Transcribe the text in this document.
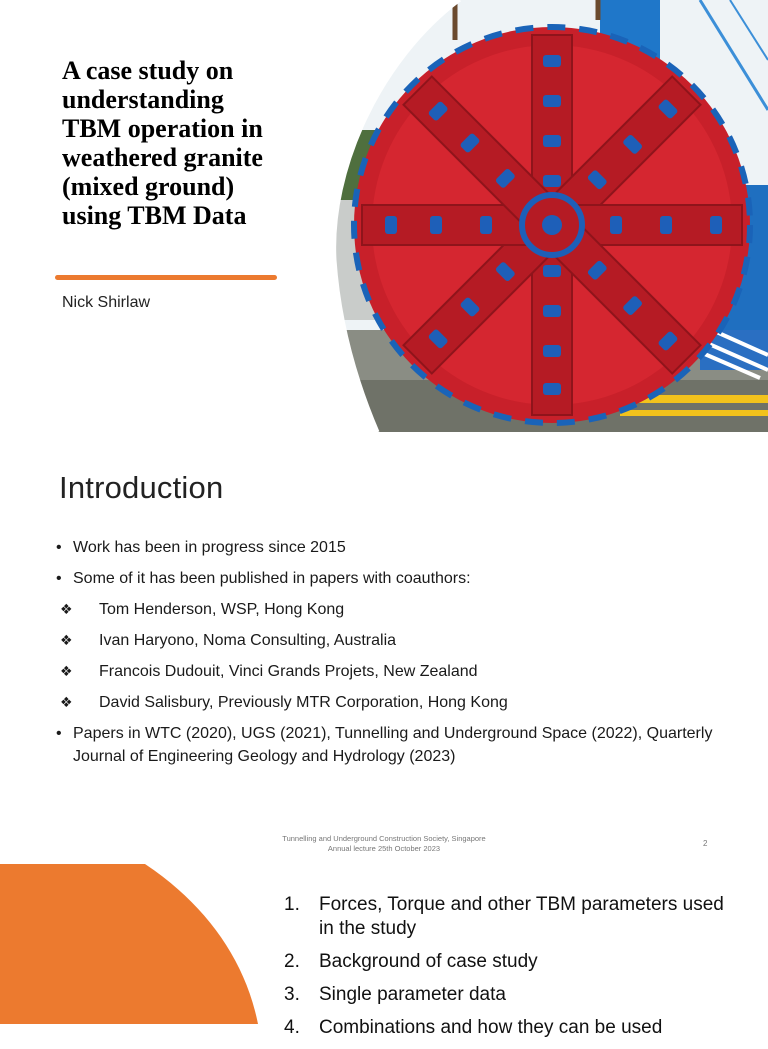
A case study on
understanding
TBM operation in
weathered granite
(mixed ground)
using TBM Data
Nick Shirlaw
Introduction
• Work has been in progress since 2015
• Some of it has been published in papers with coauthors:
❖ Tom Henderson, WSP, Hong Kong
❖ Ivan Haryono, Noma Consulting, Australia
❖ Francois Dudouit, Vinci Grands Projets, New Zealand
❖ David Salisbury, Previously MTR Corporation, Hong Kong
• Papers in WTC (2020), UGS (2021), Tunnelling and Underground Space (2022), Quarterly Journal of Engineering Geology and Hydrology (2023)
Tunnelling and Underground Construction Society, Singapore
Annual lecture 25th October 2023
2
1. Forces, Torque and other TBM parameters used in the study
2. Background of case study
3. Single parameter data
4. Combinations and how they can be used
